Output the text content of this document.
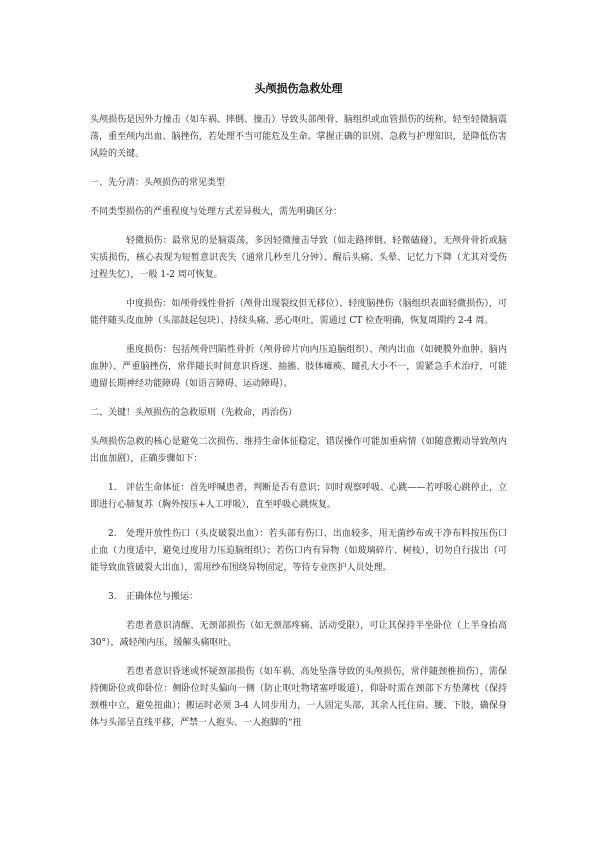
头颅损伤急救处理

头颅损伤是因外力撞击（如车祸、摔倒、撞击）导致头部颅骨、脑组织或血管损伤的统称，轻至轻微脑震荡，重至颅内出血、脑挫伤，若处理不当可能危及生命。掌握正确的识别、急救与护理知识，是降低伤害风险的关键。

一、先分清：头颅损伤的常见类型

不同类型损伤的严重程度与处理方式差异极大，需先明确区分：

轻微损伤：最常见的是脑震荡，多因轻微撞击导致（如走路摔倒、轻微磕碰），无颅骨骨折或脑实质损伤，核心表现为短暂意识丧失（通常几秒至几分钟）、醒后头痛、头晕、记忆力下降（尤其对受伤过程失忆），一般 1-2 周可恢复。

中度损伤：如颅骨线性骨折（颅骨出现裂纹但无移位）、轻度脑挫伤（脑组织表面轻微损伤），可能伴随头皮血肿（头部鼓起包块）、持续头痛、恶心呕吐，需通过 CT 检查明确，恢复周期约 2-4 周。

重度损伤：包括颅骨凹陷性骨折（颅骨碎片向内压迫脑组织）、颅内出血（如硬膜外血肿、脑内血肿）、严重脑挫伤，常伴随长时间意识昏迷、抽搐、肢体瘫痪、瞳孔大小不一，需紧急手术治疗，可能遗留长期神经功能障碍（如语言障碍、运动障碍）。

二、关键！头颅损伤的急救原则（先救命，再治伤）

头颅损伤急救的核心是避免二次损伤、维持生命体征稳定，错误操作可能加重病情（如随意搬动导致颅内出血加剧），正确步骤如下：

1. 评估生命体征：首先呼喊患者，判断是否有意识；同时观察呼吸、心跳——若呼吸心跳停止，立即进行心肺复苏（胸外按压+人工呼吸），直至呼吸心跳恢复。

2. 处理开放性伤口（头皮破裂出血）：若头部有伤口、出血较多，用无菌纱布或干净布料按压伤口止血（力度适中，避免过度用力压迫脑组织）；若伤口内有异物（如玻璃碎片、树枝），切勿自行拔出（可能导致血管破裂大出血），需用纱布围绕异物固定，等待专业医护人员处理。

3. 正确体位与搬运：

若患者意识清醒、无颈部损伤（如无颈部疼痛、活动受限），可让其保持半坐卧位（上半身抬高 30°），减轻颅内压，缓解头痛呕吐。

若患者意识昏迷或怀疑颈部损伤（如车祸、高处坠落导致的头颅损伤，常伴随颈椎损伤），需保持侧卧位或仰卧位：侧卧位时头偏向一侧（防止呕吐物堵塞呼吸道），仰卧时需在颈部下方垫薄枕（保持颈椎中立，避免扭曲）；搬运时必须 3-4 人同步用力，一人固定头部，其余人托住肩、腰、下肢，确保身体与头部呈直线平移，严禁一人抱头、一人抱脚的“扭
